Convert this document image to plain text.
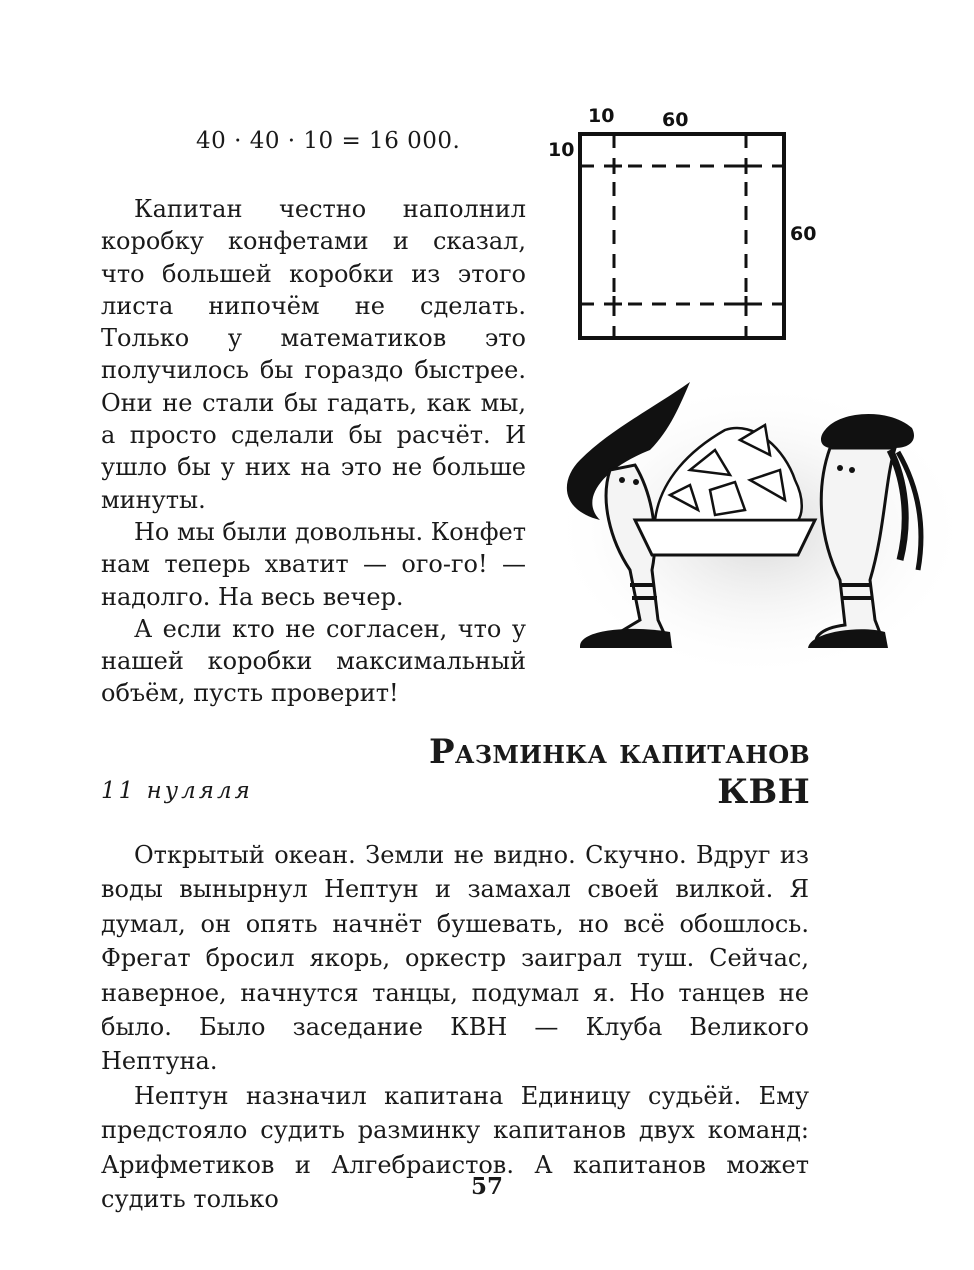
40 · 40 · 10 = 16 000.

Капитан честно наполнил коробку конфетами и сказал, что большей коробки из этого листа нипочём не сделать. Только у математиков это получилось бы гораздо быстрее. Они не стали бы гадать, как мы, а просто сделали бы расчёт. И ушло бы у них на это не больше минуты.

Но мы были довольны. Конфет нам теперь хватит — ого-го! — надолго. На весь вечер.

А если кто не согласен, что у нашей коробки максимальный объём, пусть проверит!

10	60
10
60
Разминка капитанов КВН
11 нуляля

Открытый океан. Земли не видно. Скучно. Вдруг из воды вынырнул Нептун и замахал своей вилкой. Я думал, он опять начнёт бушевать, но всё обошлось. Фрегат бросил якорь, оркестр заиграл туш. Сейчас, наверное, начнутся танцы, подумал я. Но танцев не было. Было заседание КВН — Клуба Великого Нептуна.

Нептун назначил капитана Единицу судьёй. Ему предстояло судить разминку капитанов двух команд: Арифметиков и Алгебраистов. А капитанов может судить только	57
